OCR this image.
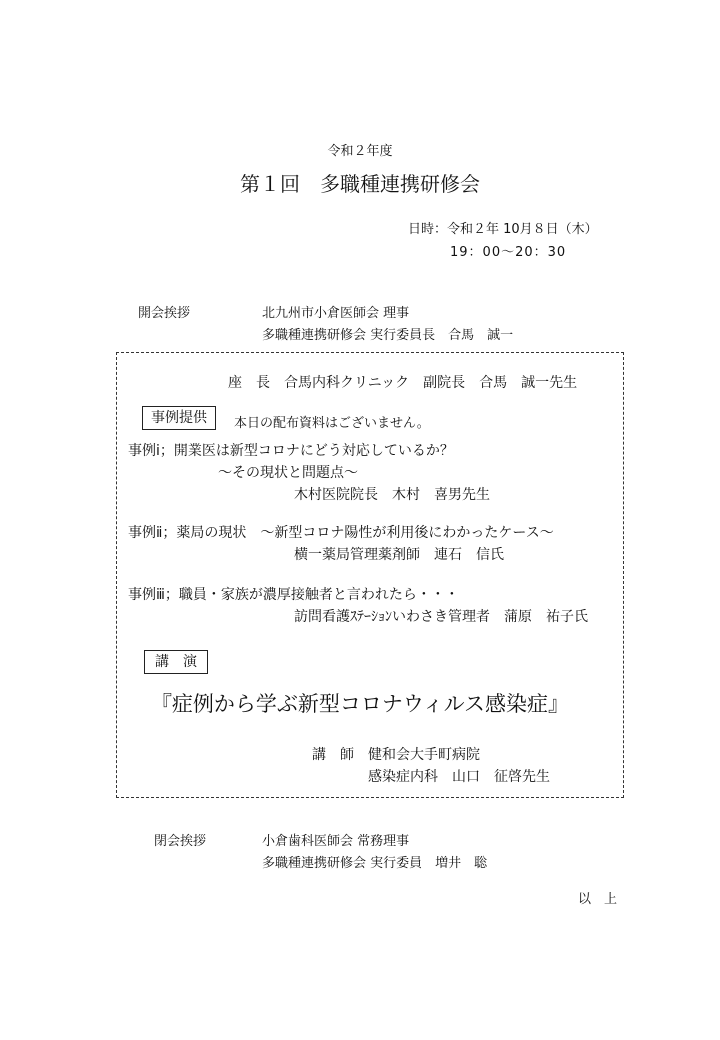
令和２年度
第１回　多職種連携研修会
日時：令和２年 10月８日（木）
19：00～20：30
開会挨拶	北九州市小倉医師会 理事
多職種連携研修会 実行委員長　合馬　誠一
座　長　合馬内科クリニック　副院長　合馬　誠一先生
事例提供	本日の配布資料はございません。
事例ⅰ；開業医は新型コロナにどう対応しているか？
～その現状と問題点～
木村医院院長　木村　喜男先生
事例ⅱ；薬局の現状　～新型コロナ陽性が利用後にわかったケース～
横一薬局管理薬剤師　連石　信氏
事例ⅲ；職員・家族が濃厚接触者と言われたら・・・
訪問看護ｽﾃｰｼｮﾝいわさき管理者　蒲原　祐子氏
講　演
『症例から学ぶ新型コロナウィルス感染症』
講　師　健和会大手町病院
感染症内科　山口　征啓先生
閉会挨拶	小倉歯科医師会 常務理事
多職種連携研修会 実行委員　増井　聡
以　上
